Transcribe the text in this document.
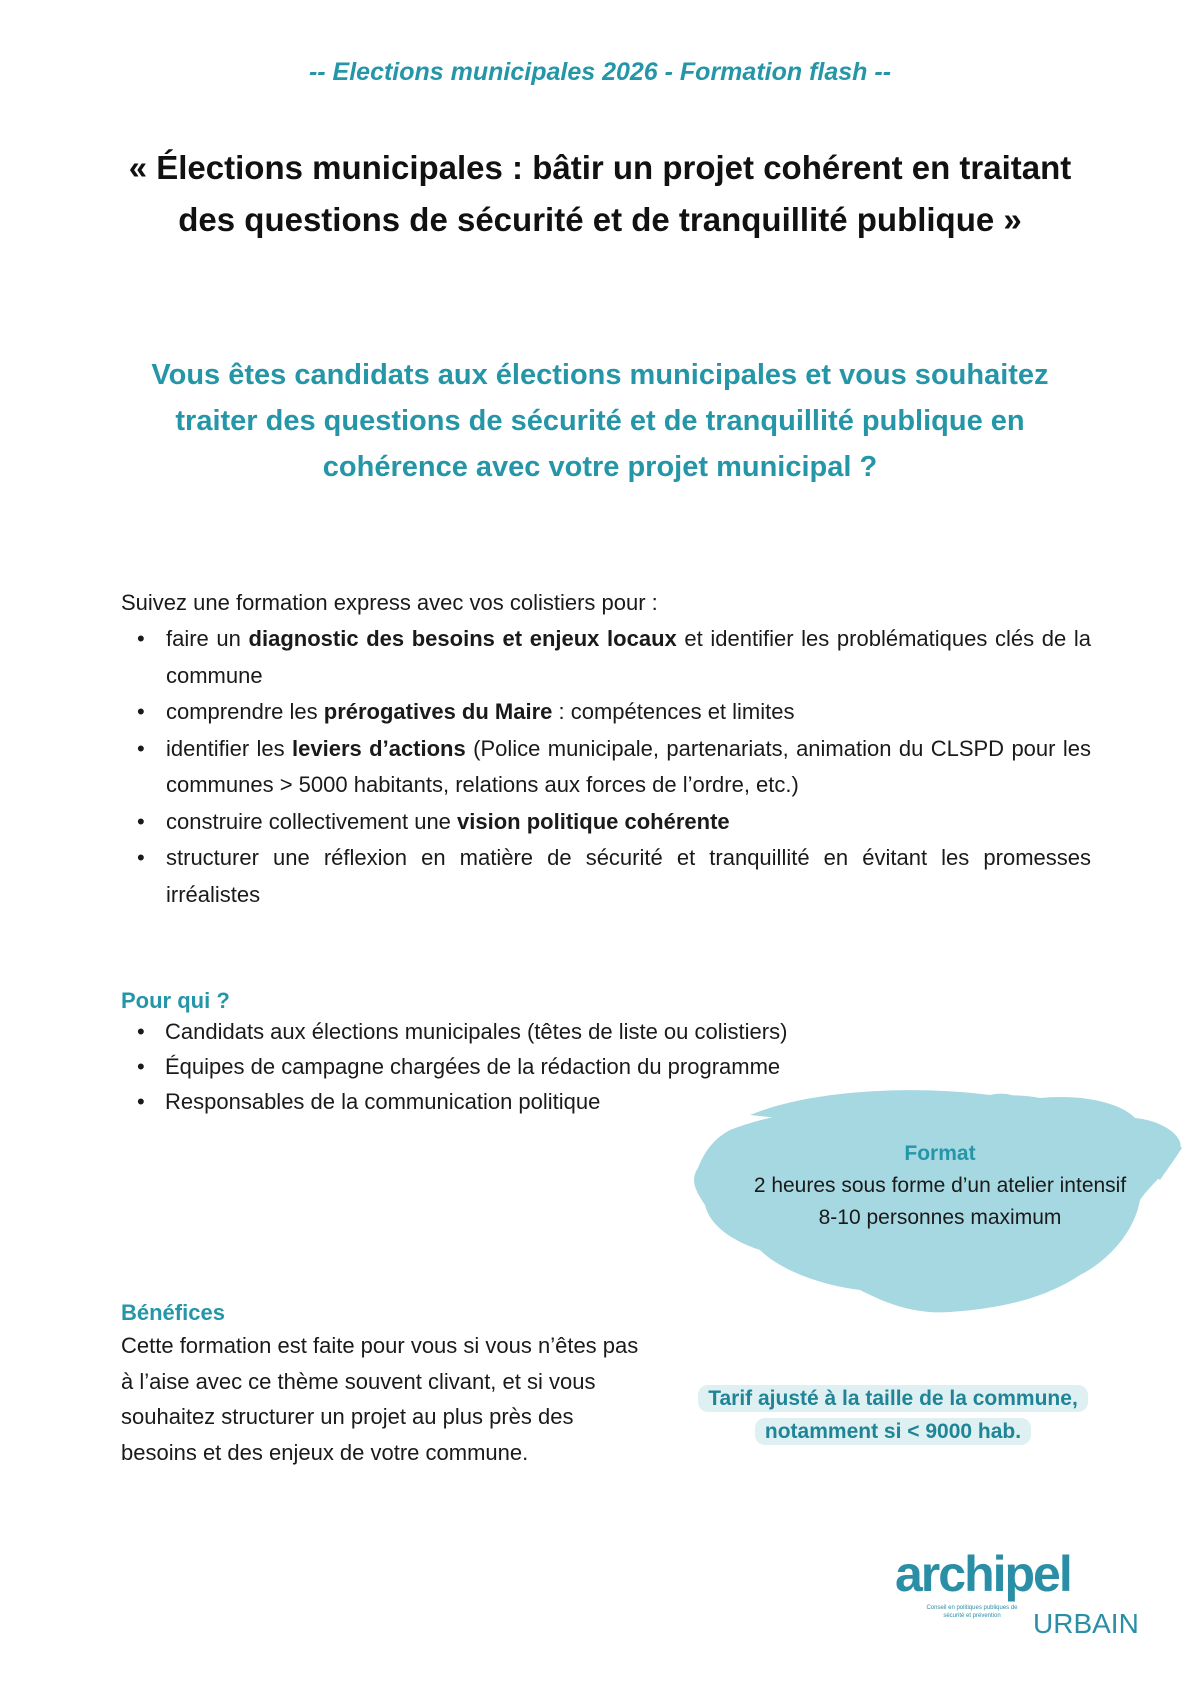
-- Elections municipales 2026 - Formation flash --
« Élections municipales : bâtir un projet cohérent en traitant des questions de sécurité et de tranquillité publique »
Vous êtes candidats aux élections municipales et vous souhaitez traiter des questions de sécurité et de tranquillité publique en cohérence avec votre projet municipal ?
Suivez une formation express avec vos colistiers pour :
• faire un diagnostic des besoins et enjeux locaux et identifier les problématiques clés de la commune
• comprendre les prérogatives du Maire : compétences et limites
• identifier les leviers d’actions (Police municipale, partenariats, animation du CLSPD pour les communes > 5000 habitants, relations aux forces de l’ordre, etc.)
• construire collectivement une vision politique cohérente
• structurer une réflexion en matière de sécurité et tranquillité en évitant les promesses irréalistes
Pour qui ?
• Candidats aux élections municipales (têtes de liste ou colistiers)
• Équipes de campagne chargées de la rédaction du programme
• Responsables de la communication politique
Format
2 heures sous forme d’un atelier intensif
8-10 personnes maximum
Bénéfices

Cette formation est faite pour vous si vous n’êtes pas à l’aise avec ce thème souvent clivant, et si vous souhaitez structurer un projet au plus près des besoins et des enjeux de votre commune.

Tarif ajusté à la taille de la commune,
notamment si < 9000 hab.
archipel
Conseil en politiques publiques de sécurité et prévention	URBAIN
